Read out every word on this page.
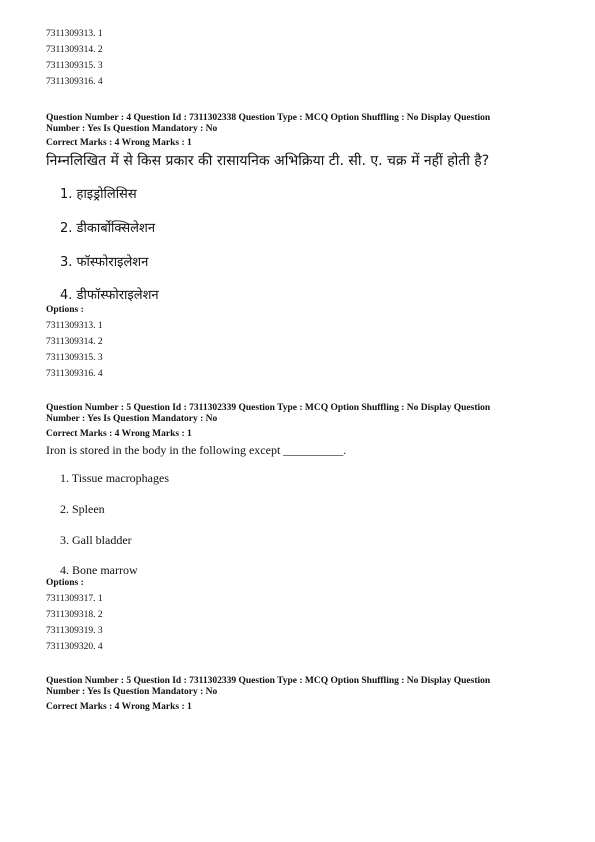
7311309313. 1
7311309314. 2
7311309315. 3
7311309316. 4
Question Number : 4 Question Id : 7311302338 Question Type : MCQ Option Shuffling : No Display Question
Number : Yes Is Question Mandatory : No
Correct Marks : 4 Wrong Marks : 1
निम्नलिखित में से किस प्रकार की रासायनिक अभिक्रिया टी. सी. ए. चक्र में नहीं होती है?
1. हाइड्रोलिसिस
2. डीकार्बोक्सिलेशन
3. फॉस्फोराइलेशन
4. डीफॉस्फोराइलेशन
Options :
7311309313. 1
7311309314. 2
7311309315. 3
7311309316. 4
Question Number : 5 Question Id : 7311302339 Question Type : MCQ Option Shuffling : No Display Question
Number : Yes Is Question Mandatory : No
Correct Marks : 4 Wrong Marks : 1
Iron is stored in the body in the following except __________.
1. Tissue macrophages
2. Spleen
3. Gall bladder
4. Bone marrow
Options :
7311309317. 1
7311309318. 2
7311309319. 3
7311309320. 4
Question Number : 5 Question Id : 7311302339 Question Type : MCQ Option Shuffling : No Display Question
Number : Yes Is Question Mandatory : No
Correct Marks : 4 Wrong Marks : 1
